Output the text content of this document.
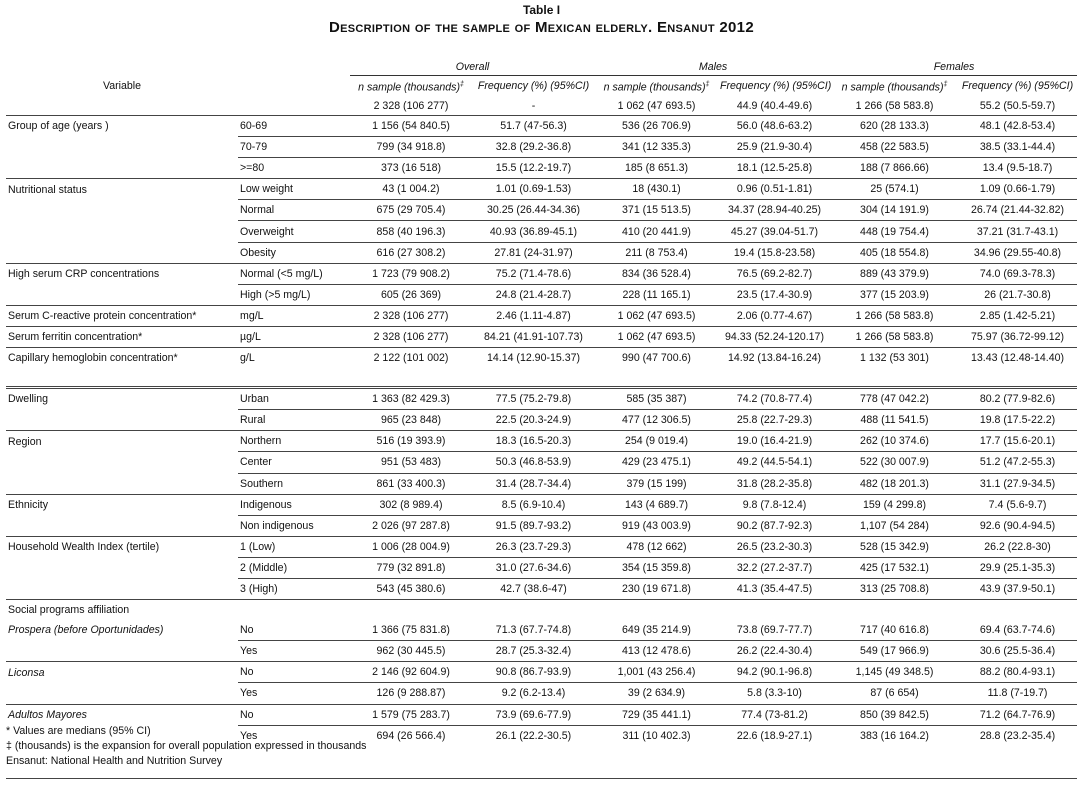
Table I
Description of the sample of Mexican elderly. Ensanut 2012
		Overall		Males		Females	
Variable		n sample (thousands)‡	Frequency (%) (95%CI)	n sample (thousands)‡	Frequency (%) (95%CI)	n sample (thousands)‡	Frequency (%) (95%CI)
		2 328 (106 277)	-	1 062 (47 693.5)	44.9 (40.4-49.6)	1 266 (58 583.8)	55.2 (50.5-59.7)
Group of age (years )	60-69	1 156 (54 840.5)	51.7 (47-56.3)	536 (26 706.9)	56.0 (48.6-63.2)	620 (28 133.3)	48.1 (42.8-53.4)
	70-79	799 (34 918.8)	32.8 (29.2-36.8)	341 (12 335.3)	25.9 (21.9-30.4)	458 (22 583.5)	38.5 (33.1-44.4)
	>=80	373 (16 518)	15.5 (12.2-19.7)	185 (8 651.3)	18.1 (12.5-25.8)	188 (7 866.66)	13.4 (9.5-18.7)
Nutritional status	Low weight	43 (1 004.2)	1.01 (0.69-1.53)	18 (430.1)	0.96 (0.51-1.81)	25 (574.1)	1.09 (0.66-1.79)
	Normal	675 (29 705.4)	30.25 (26.44-34.36)	371 (15 513.5)	34.37 (28.94-40.25)	304 (14 191.9)	26.74 (21.44-32.82)
	Overweight	858 (40 196.3)	40.93 (36.89-45.1)	410 (20 441.9)	45.27 (39.04-51.7)	448 (19 754.4)	37.21 (31.7-43.1)
	Obesity	616 (27 308.2)	27.81 (24-31.97)	211 (8 753.4)	19.4 (15.8-23.58)	405 (18 554.8)	34.96 (29.55-40.8)
High serum CRP concentrations	Normal (<5 mg/L)	1 723 (79 908.2)	75.2 (71.4-78.6)	834 (36 528.4)	76.5 (69.2-82.7)	889 (43 379.9)	74.0 (69.3-78.3)
	High (>5 mg/L)	605 (26 369)	24.8 (21.4-28.7)	228 (11 165.1)	23.5 (17.4-30.9)	377 (15 203.9)	26 (21.7-30.8)
Serum C-reactive protein concentration*	mg/L	2 328 (106 277)	2.46 (1.11-4.87)	1 062 (47 693.5)	2.06 (0.77-4.67)	1 266 (58 583.8)	2.85 (1.42-5.21)
Serum ferritin concentration*	µg/L	2 328 (106 277)	84.21 (41.91-107.73)	1 062 (47 693.5)	94.33 (52.24-120.17)	1 266 (58 583.8)	75.97 (36.72-99.12)
Capillary hemoglobin concentration*	g/L	2 122 (101 002)	14.14 (12.90-15.37)	990 (47 700.6)	14.92 (13.84-16.24)	1 132 (53 301)	13.43 (12.48-14.40)

Dwelling	Urban	1 363 (82 429.3)	77.5 (75.2-79.8)	585 (35 387)	74.2 (70.8-77.4)	778 (47 042.2)	80.2 (77.9-82.6)
	Rural	965 (23 848)	22.5 (20.3-24.9)	477 (12 306.5)	25.8 (22.7-29.3)	488 (11 541.5)	19.8 (17.5-22.2)
Region	Northern	516 (19 393.9)	18.3 (16.5-20.3)	254 (9 019.4)	19.0 (16.4-21.9)	262 (10 374.6)	17.7 (15.6-20.1)
	Center	951 (53 483)	50.3 (46.8-53.9)	429 (23 475.1)	49.2 (44.5-54.1)	522 (30 007.9)	51.2 (47.2-55.3)
	Southern	861 (33 400.3)	31.4 (28.7-34.4)	379 (15 199)	31.8 (28.2-35.8)	482 (18 201.3)	31.1 (27.9-34.5)
Ethnicity	Indigenous	302 (8 989.4)	8.5 (6.9-10.4)	143 (4 689.7)	9.8 (7.8-12.4)	159 (4 299.8)	7.4 (5.6-9.7)
	Non indigenous	2 026 (97 287.8)	91.5 (89.7-93.2)	919 (43 003.9)	90.2 (87.7-92.3)	1,107 (54 284)	92.6 (90.4-94.5)
Household Wealth Index (tertile)	1 (Low)	1 006 (28 004.9)	26.3 (23.7-29.3)	478 (12 662)	26.5 (23.2-30.3)	528 (15 342.9)	26.2 (22.8-30)
	2 (Middle)	779 (32 891.8)	31.0 (27.6-34.6)	354 (15 359.8)	32.2 (27.2-37.7)	425 (17 532.1)	29.9 (25.1-35.3)
	3 (High)	543 (45 380.6)	42.7 (38.6-47)	230 (19 671.8)	41.3 (35.4-47.5)	313 (25 708.8)	43.9 (37.9-50.1)
Social programs affiliation							
Prospera (before Oportunidades)	No	1 366 (75 831.8)	71.3 (67.7-74.8)	649 (35 214.9)	73.8 (69.7-77.7)	717 (40 616.8)	69.4 (63.7-74.6)
	Yes	962 (30 445.5)	28.7 (25.3-32.4)	413 (12 478.6)	26.2 (22.4-30.4)	549 (17 966.9)	30.6 (25.5-36.4)
Liconsa	No	2 146 (92 604.9)	90.8 (86.7-93.9)	1,001 (43 256.4)	94.2 (90.1-96.8)	1,145 (49 348.5)	88.2 (80.4-93.1)
	Yes	126 (9 288.87)	9.2 (6.2-13.4)	39 (2 634.9)	5.8 (3.3-10)	87 (6 654)	11.8 (7-19.7)
Adultos Mayores	No	1 579 (75 283.7)	73.9 (69.6-77.9)	729 (35 441.1)	77.4 (73-81.2)	850 (39 842.5)	71.2 (64.7-76.9)
	Yes	694 (26 566.4)	26.1 (22.2-30.5)	311 (10 402.3)	22.6 (18.9-27.1)	383 (16 164.2)	28.8 (23.2-35.4)
* Values are medians (95% CI)
‡ (thousands) is the expansion for overall population expressed in thousands
Ensanut: National Health and Nutrition Survey
